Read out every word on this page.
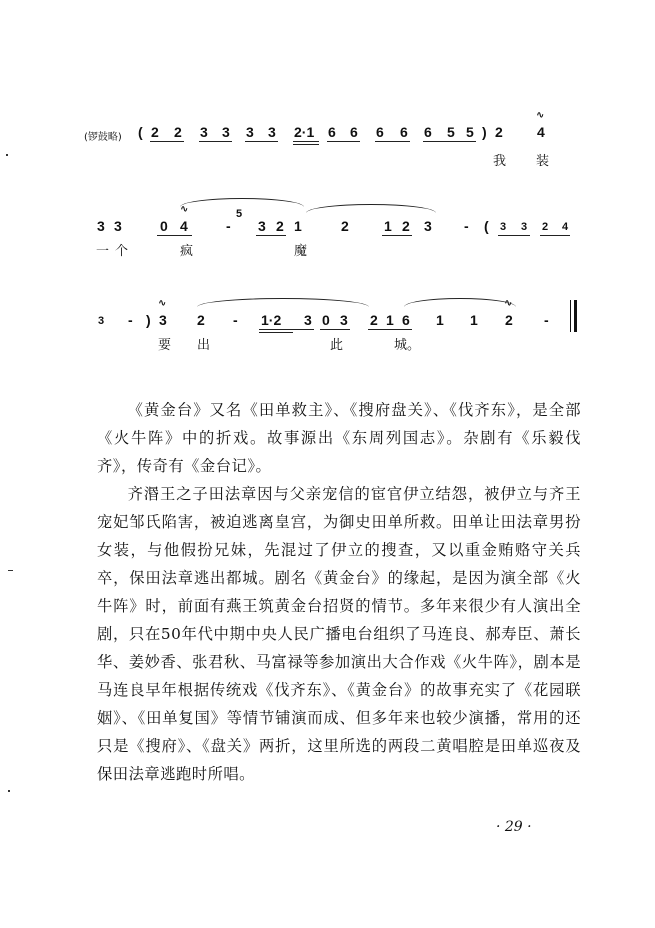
(锣鼓略) ( 2 2 3 3 3 3 2·1 6 6 6 6 6 5 5 ) 2 4
∿
我 装
3 3	0 4	-
5
3 2 1	2	1 2 3 - ( 3 3 2 4
∿
一 个	疯	魔
3 - ) 3 2 - 1·2 3 0 3 2 1 6 1 1 2 -
∿	∿
要 出	此	城。
《黄金台》又名《田单救主》、《搜府盘关》、《伐齐东》，是全部《火牛阵》中的折戏。故事源出《东周列国志》。杂剧有《乐毅伐齐》，传奇有《金台记》。
齐湣王之子田法章因与父亲宠信的宦官伊立结怨，被伊立与齐王宠妃邹氏陷害，被迫逃离皇宫，为御史田单所救。田单让田法章男扮女装，与他假扮兄妹，先混过了伊立的搜查，又以重金贿赂守关兵卒，保田法章逃出都城。剧名《黄金台》的缘起，是因为演全部《火牛阵》时，前面有燕王筑黄金台招贤的情节。多年来很少有人演出全剧，只在50年代中期中央人民广播电台组织了马连良、郝寿臣、萧长华、姜妙香、张君秋、马富禄等参加演出大合作戏《火牛阵》，剧本是马连良早年根据传统戏《伐齐东》、《黄金台》的故事充实了《花园联姻》、《田单复国》等情节铺演而成、但多年来也较少演播，常用的还只是《搜府》、《盘关》两折，这里所选的两段二黄唱腔是田单巡夜及保田法章逃跑时所唱。
· 29 ·
